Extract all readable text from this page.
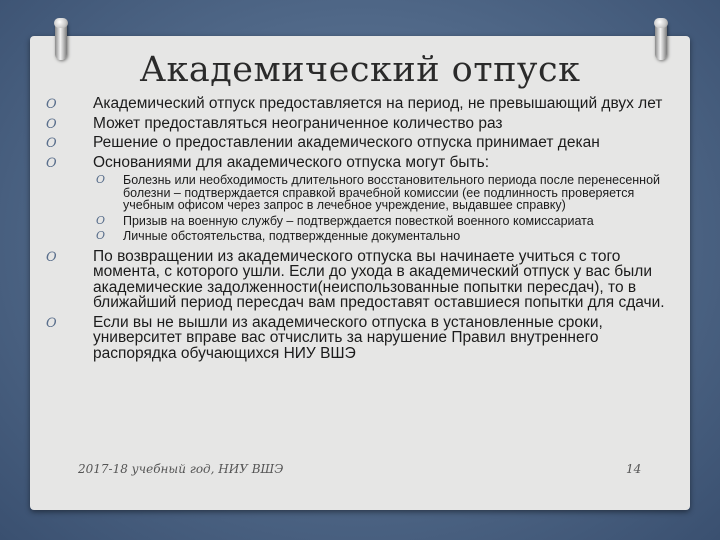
Академический отпуск
O Академический отпуск предоставляется на период, не превышающий двух лет
O Может предоставляться неограниченное количество раз
O Решение о предоставлении академического отпуска принимает декан
O Основаниями для академического отпуска могут быть:
O Болезнь или необходимость длительного восстановительного периода после перенесенной болезни – подтверждается справкой врачебной комиссии (ее подлинность проверяется учебным офисом через запрос в лечебное учреждение, выдавшее справку)
O Призыв на военную службу – подтверждается повесткой военного комиссариата
O Личные обстоятельства, подтвержденные документально
O По возвращении из академического отпуска вы начинаете учиться с того момента, с которого ушли. Если до ухода в академический отпуск у вас были академические задолженности(неиспользованные попытки пересдач), то в ближайший период пересдач вам предоставят оставшиеся попытки для сдачи.
O Если вы не вышли из академического отпуска в установленные сроки, университет вправе вас отчислить за нарушение Правил внутреннего распорядка обучающихся НИУ ВШЭ
2017-18 учебный год, НИУ ВШЭ	14
